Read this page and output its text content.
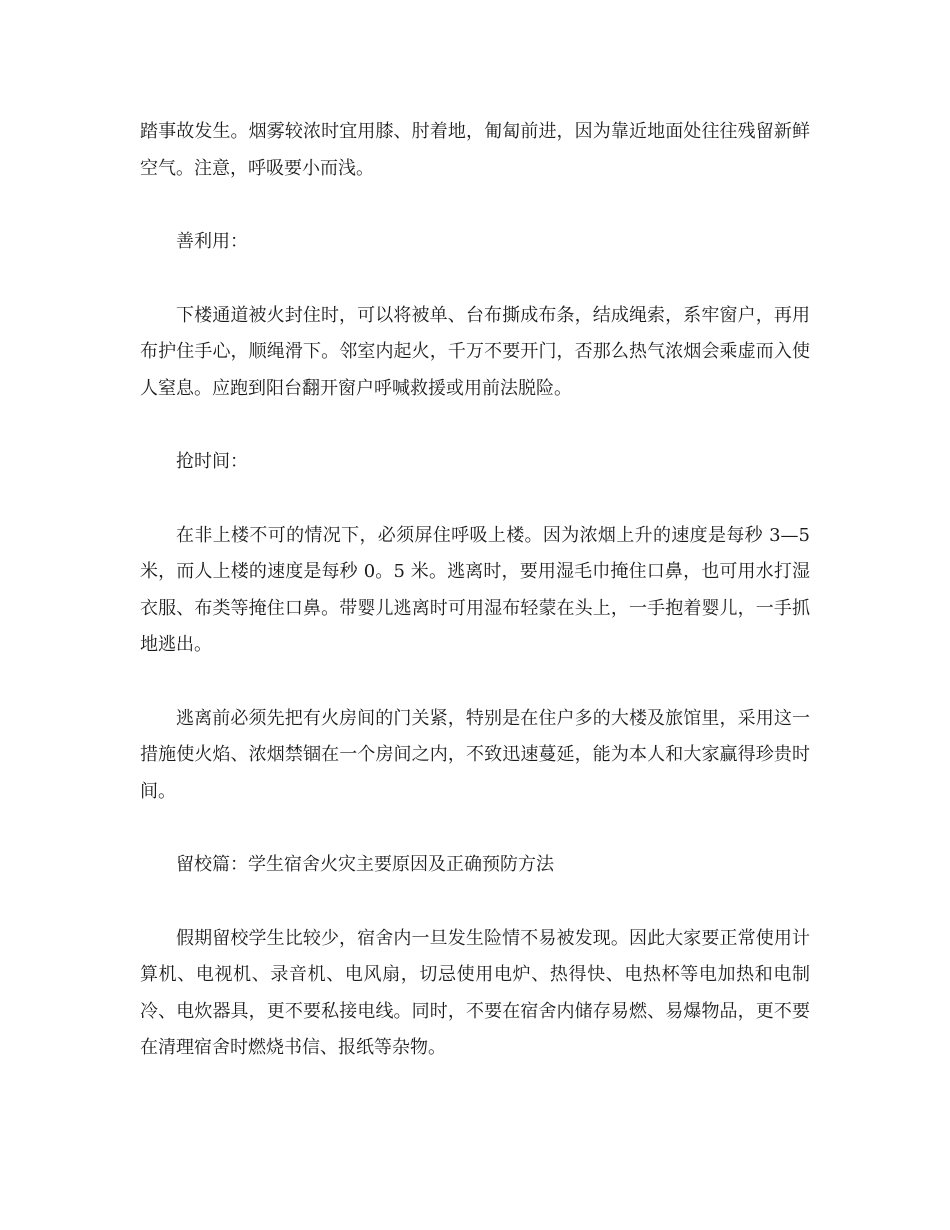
踏事故发生。烟雾较浓时宜用膝、肘着地，匍匐前进，因为靠近地面处往往残留新鲜空气。注意，呼吸要小而浅。

善利用：

下楼通道被火封住时，可以将被单、台布撕成布条，结成绳索，系牢窗户，再用布护住手心，顺绳滑下。邻室内起火，千万不要开门，否那么热气浓烟会乘虚而入使人窒息。应跑到阳台翻开窗户呼喊救援或用前法脱险。

抢时间：

在非上楼不可的情况下，必须屏住呼吸上楼。因为浓烟上升的速度是每秒 3—5 米，而人上楼的速度是每秒 0。5 米。逃离时，要用湿毛巾掩住口鼻，也可用水打湿衣服、布类等掩住口鼻。带婴儿逃离时可用湿布轻蒙在头上，一手抱着婴儿，一手抓地逃出。

逃离前必须先把有火房间的门关紧，特别是在住户多的大楼及旅馆里，采用这一措施使火焰、浓烟禁锢在一个房间之内，不致迅速蔓延，能为本人和大家赢得珍贵时间。

留校篇：学生宿舍火灾主要原因及正确预防方法

假期留校学生比较少，宿舍内一旦发生险情不易被发现。因此大家要正常使用计算机、电视机、录音机、电风扇，切忌使用电炉、热得快、电热杯等电加热和电制冷、电炊器具，更不要私接电线。同时，不要在宿舍内储存易燃、易爆物品，更不要在清理宿舍时燃烧书信、报纸等杂物。
